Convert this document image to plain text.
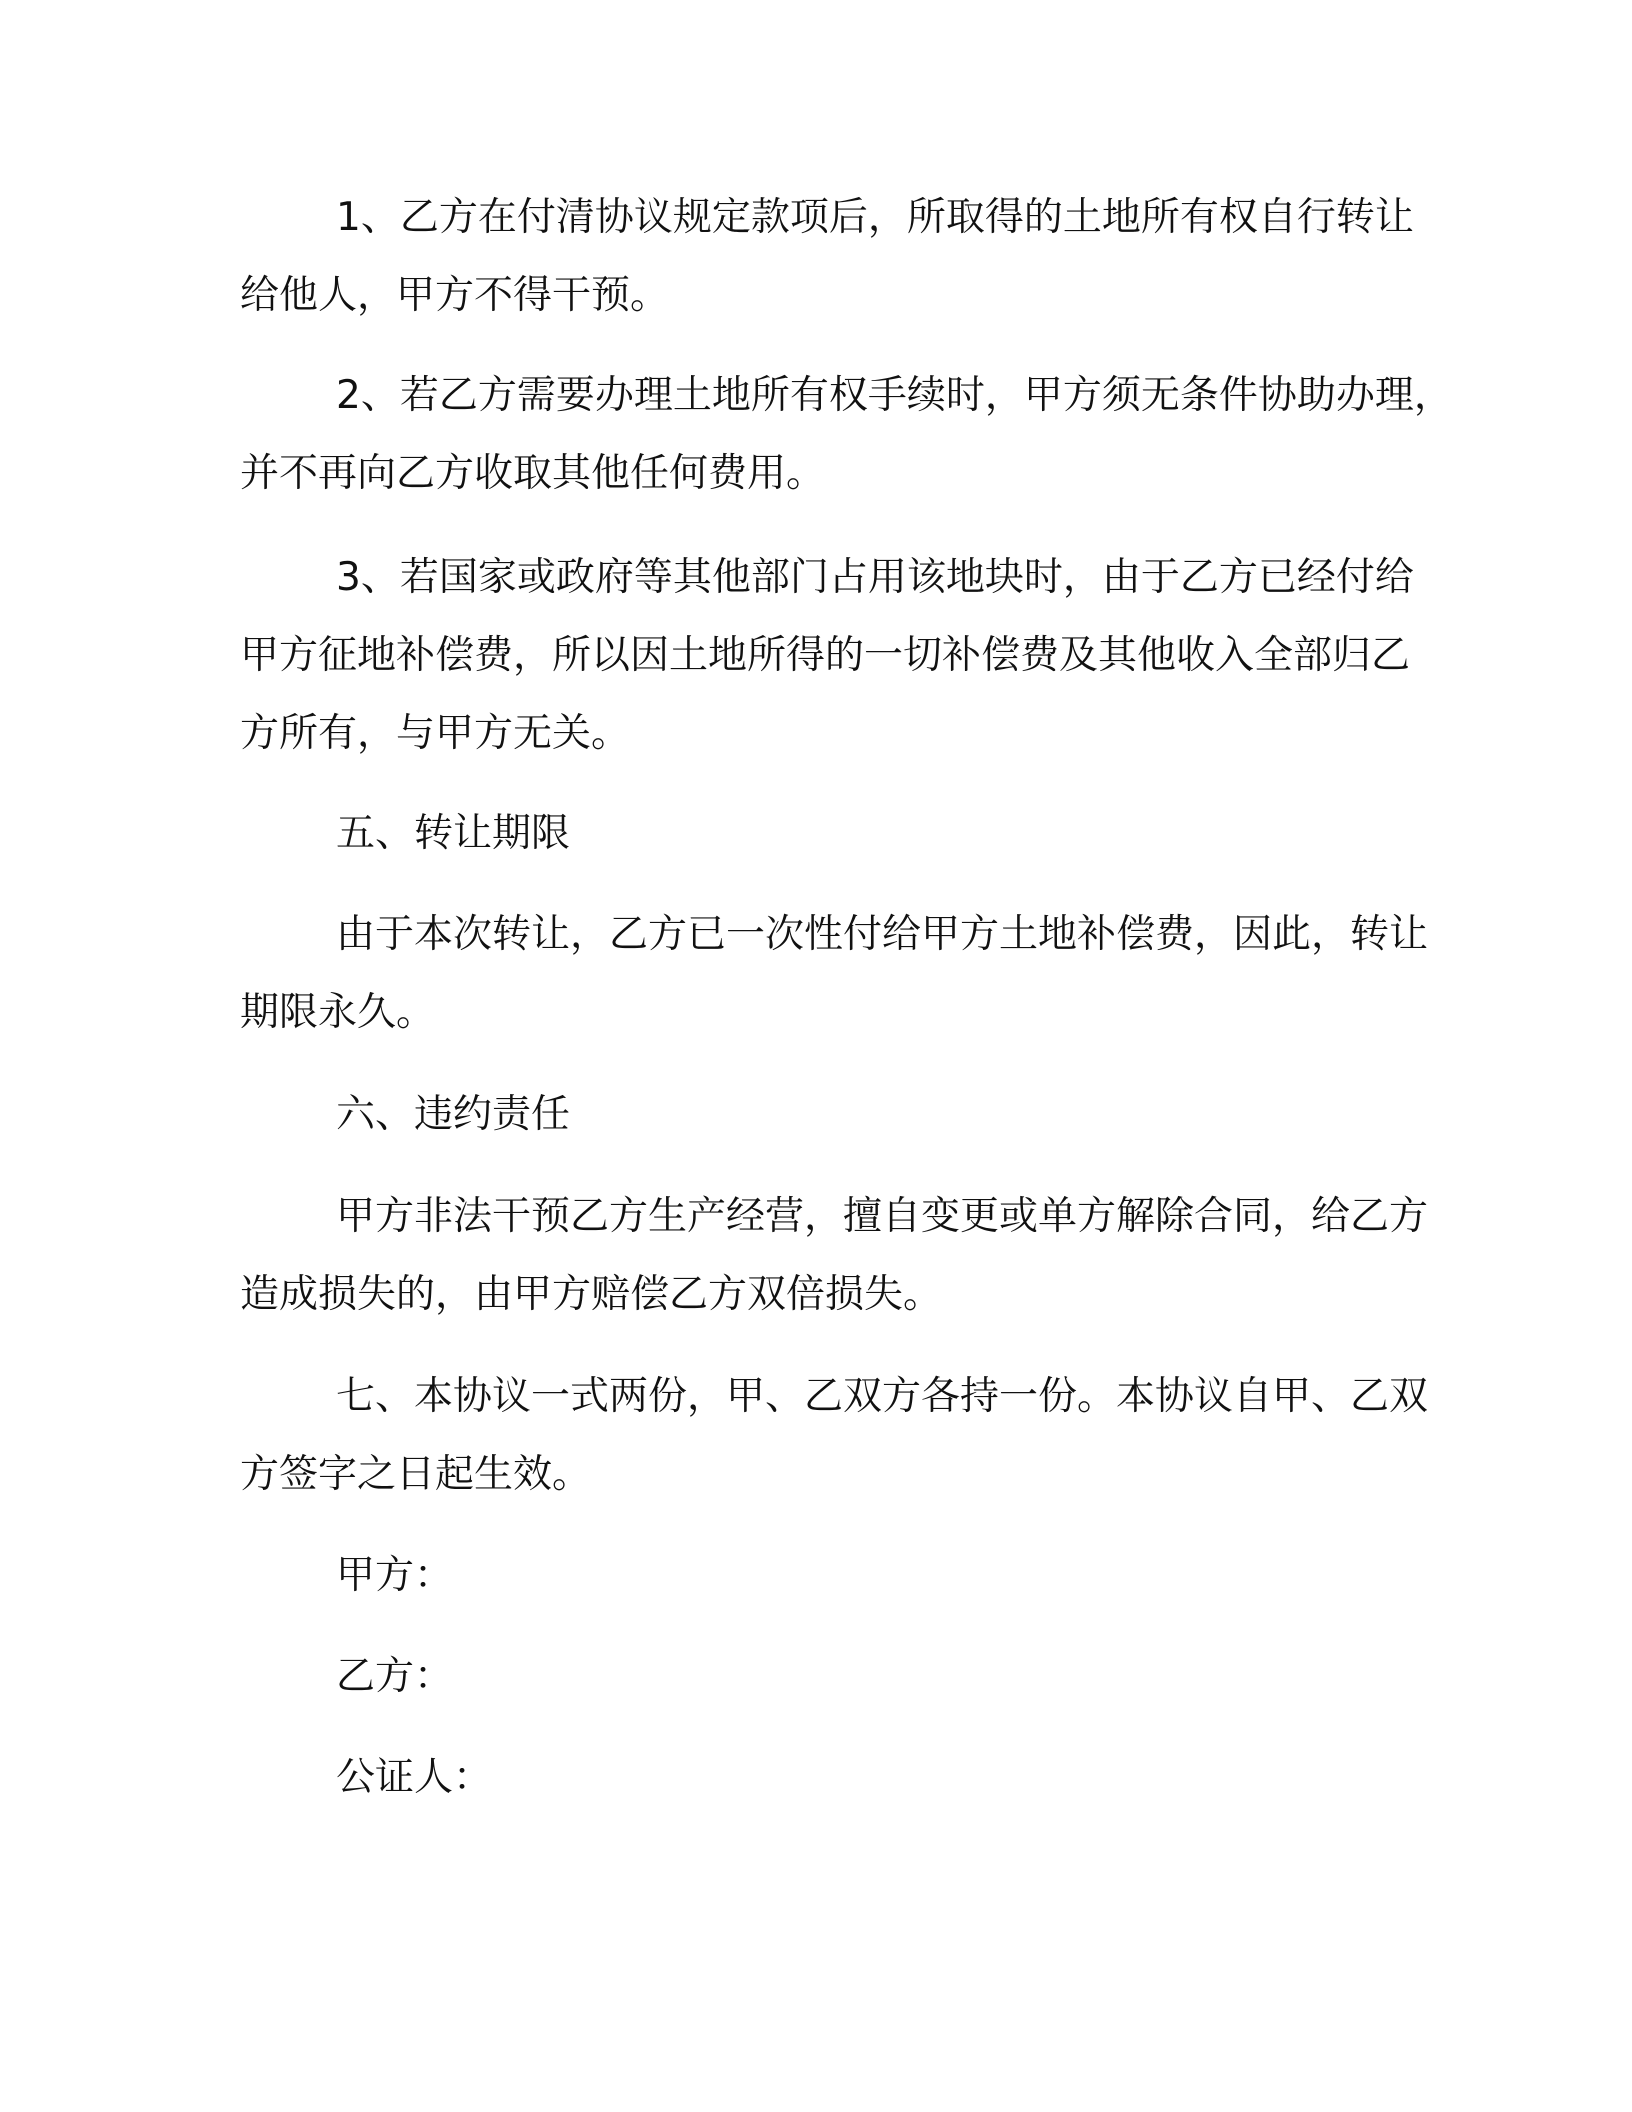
1、乙方在付清协议规定款项后，所取得的土地所有权自行转让
给他人，甲方不得干预。
2、若乙方需要办理土地所有权手续时，甲方须无条件协助办理，
并不再向乙方收取其他任何费用。
3、若国家或政府等其他部门占用该地块时，由于乙方已经付给
甲方征地补偿费，所以因土地所得的一切补偿费及其他收入全部归乙
方所有，与甲方无关。
五、转让期限
由于本次转让，乙方已一次性付给甲方土地补偿费，因此，转让
期限永久。
六、违约责任
甲方非法干预乙方生产经营，擅自变更或单方解除合同，给乙方
造成损失的，由甲方赔偿乙方双倍损失。
七、本协议一式两份，甲、乙双方各持一份。本协议自甲、乙双
方签字之日起生效。
甲方：
乙方：
公证人：
